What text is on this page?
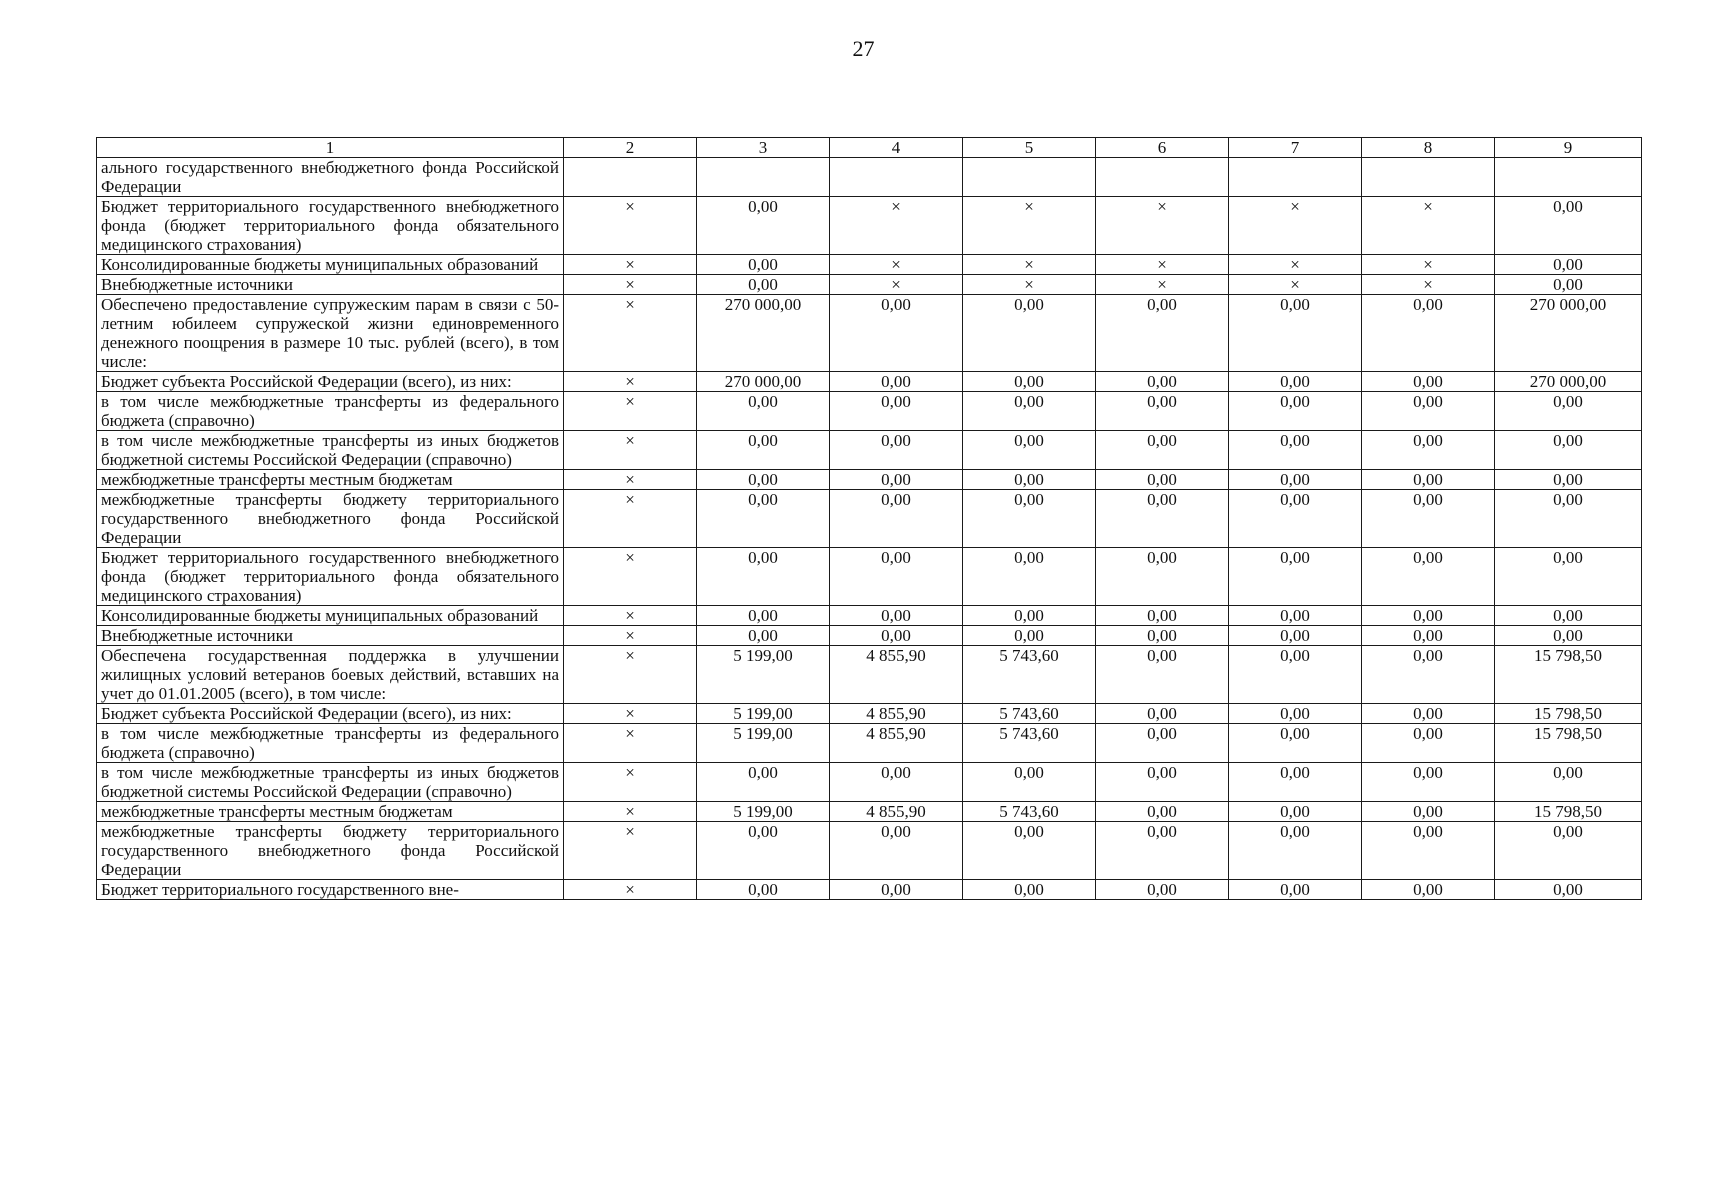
27
1	2	3	4	5	6	7	8	9
ального государственного внебюджетного фонда Российской Федерации								
Бюджет территориального государственного внебюджетного фонда (бюджет территориального фонда обязательного медицинского страхования)	×	0,00	×	×	×	×	×	0,00
Консолидированные бюджеты муниципальных образований	×	0,00	×	×	×	×	×	0,00
Внебюджетные источники	×	0,00	×	×	×	×	×	0,00
Обеспечено предоставление супружеским парам в связи с 50-летним юбилеем супружеской жизни единовременного денежного поощрения в размере 10 тыс. рублей (всего), в том числе:	×	270 000,00	0,00	0,00	0,00	0,00	0,00	270 000,00
Бюджет субъекта Российской Федерации (всего), из них:	×	270 000,00	0,00	0,00	0,00	0,00	0,00	270 000,00
в том числе межбюджетные трансферты из федерального бюджета (справочно)	×	0,00	0,00	0,00	0,00	0,00	0,00	0,00
в том числе межбюджетные трансферты из иных бюджетов бюджетной системы Российской Федерации (справочно)	×	0,00	0,00	0,00	0,00	0,00	0,00	0,00
межбюджетные трансферты местным бюджетам	×	0,00	0,00	0,00	0,00	0,00	0,00	0,00
межбюджетные трансферты бюджету территориального государственного внебюджетного фонда Российской Федерации	×	0,00	0,00	0,00	0,00	0,00	0,00	0,00
Бюджет территориального государственного внебюджетного фонда (бюджет территориального фонда обязательного медицинского страхования)	×	0,00	0,00	0,00	0,00	0,00	0,00	0,00
Консолидированные бюджеты муниципальных образований	×	0,00	0,00	0,00	0,00	0,00	0,00	0,00
Внебюджетные источники	×	0,00	0,00	0,00	0,00	0,00	0,00	0,00
Обеспечена государственная поддержка в улучшении жилищных условий ветеранов боевых действий, вставших на учет до 01.01.2005 (всего), в том числе:	×	5 199,00	4 855,90	5 743,60	0,00	0,00	0,00	15 798,50
Бюджет субъекта Российской Федерации (всего), из них:	×	5 199,00	4 855,90	5 743,60	0,00	0,00	0,00	15 798,50
в том числе межбюджетные трансферты из федерального бюджета (справочно)	×	5 199,00	4 855,90	5 743,60	0,00	0,00	0,00	15 798,50
в том числе межбюджетные трансферты из иных бюджетов бюджетной системы Российской Федерации (справочно)	×	0,00	0,00	0,00	0,00	0,00	0,00	0,00
межбюджетные трансферты местным бюджетам	×	5 199,00	4 855,90	5 743,60	0,00	0,00	0,00	15 798,50
межбюджетные трансферты бюджету территориального государственного внебюджетного фонда Российской Федерации	×	0,00	0,00	0,00	0,00	0,00	0,00	0,00
Бюджет территориального государственного вне-	×	0,00	0,00	0,00	0,00	0,00	0,00	0,00
